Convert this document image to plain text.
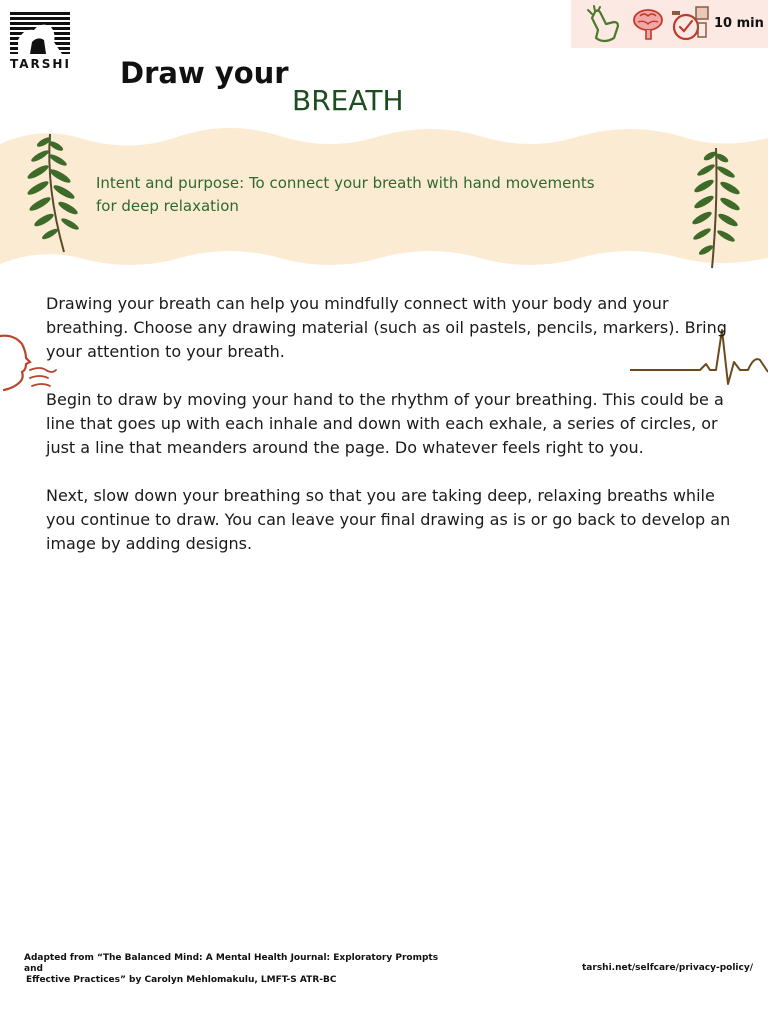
TARSHI
10 min
Draw your
BREATH
Intent and purpose: To connect your breath with hand movements for deep relaxation

Drawing your breath can help you mindfully connect with your body and your breathing. Choose any drawing material (such as oil pastels, pencils, markers). Bring your attention to your breath.

Begin to draw by moving your hand to the rhythm of your breathing. This could be a line that goes up with each inhale and down with each exhale, a series of circles, or just a line that meanders around the page. Do whatever feels right to you.

Next, slow down your breathing so that you are taking deep, relaxing breaths while you continue to draw. You can leave your final drawing as is or go back to develop an image by adding designs.

Adapted from “The Balanced Mind: A Mental Health Journal: Exploratory Prompts and
Effective Practices” by Carolyn Mehlomakulu, LMFT-S ATR-BC
tarshi.net/selfcare/privacy-policy/
